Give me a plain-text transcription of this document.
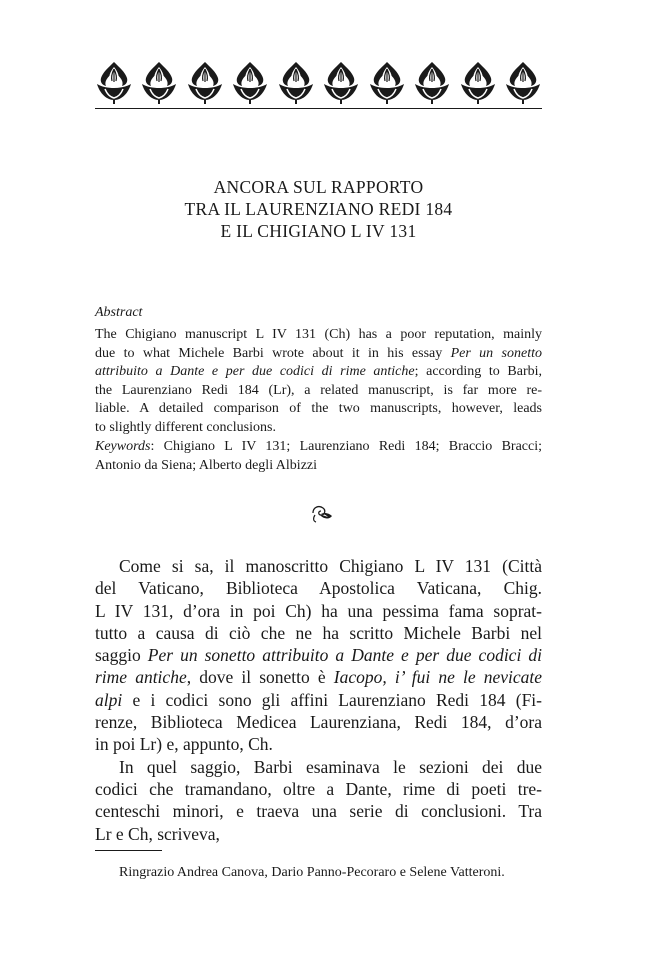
ANCORA SUL RAPPORTO
TRA IL LAURENZIANO REDI 184
E IL CHIGIANO L IV 131
Abstract
The Chigiano manuscript L IV 131 (Ch) has a poor reputation, mainly
due to what Michele Barbi wrote about it in his essay Per un sonetto
attribuito a Dante e per due codici di rime antiche; according to Barbi,
the Laurenziano Redi 184 (Lr), a related manuscript, is far more re-
liable. A detailed comparison of the two manuscripts, however, leads
to slightly different conclusions.
Keywords: Chigiano L IV 131; Laurenziano Redi 184; Braccio Bracci;
Antonio da Siena; Alberto degli Albizzi
Come si sa, il manoscritto Chigiano L IV 131 (Città
del Vaticano, Biblioteca Apostolica Vaticana, Chig.
L IV 131, d’ora in poi Ch) ha una pessima fama soprat-
tutto a causa di ciò che ne ha scritto Michele Barbi nel
saggio Per un sonetto attribuito a Dante e per due codici di
rime antiche, dove il sonetto è Iacopo, i’ fui ne le nevicate
alpi e i codici sono gli affini Laurenziano Redi 184 (Fi-
renze, Biblioteca Medicea Laurenziana, Redi 184, d’ora
in poi Lr) e, appunto, Ch.
In quel saggio, Barbi esaminava le sezioni dei due
codici che tramandano, oltre a Dante, rime di poeti tre-
centeschi minori, e traeva una serie di conclusioni. Tra
Lr e Ch, scriveva,
Ringrazio Andrea Canova, Dario Panno-Pecoraro e Selene Vatteroni.
